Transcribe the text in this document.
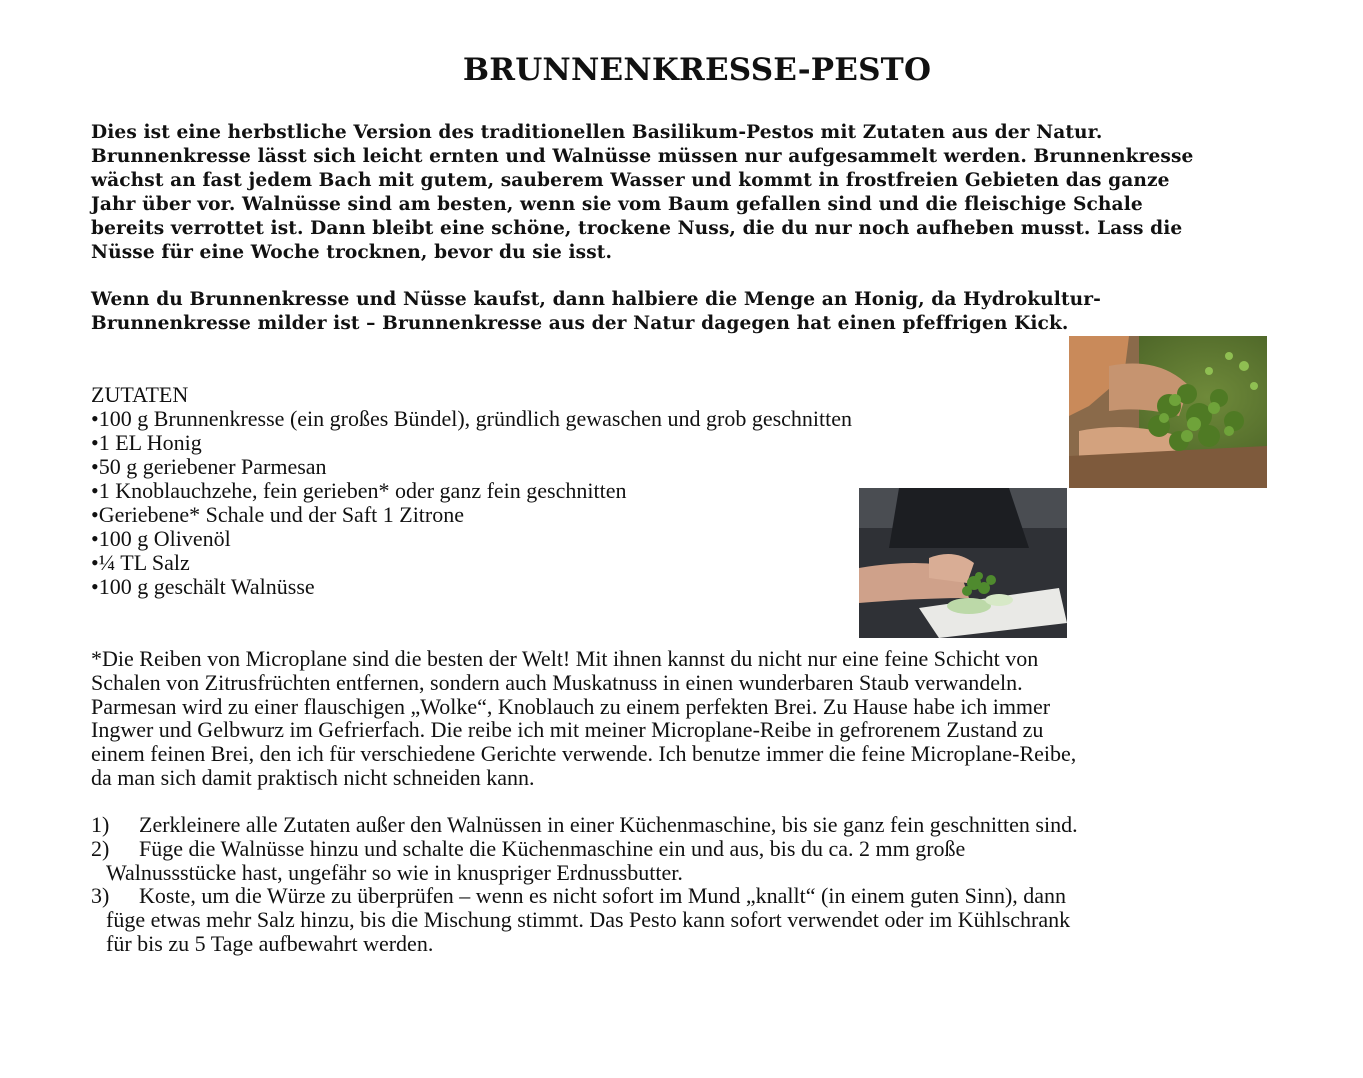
BRUNNENKRESSE-PESTO
Dies ist eine herbstliche Version des traditionellen Basilikum-Pestos mit Zutaten aus der Natur.
Brunnenkresse lässt sich leicht ernten und Walnüsse müssen nur aufgesammelt werden. Brunnenkresse
wächst an fast jedem Bach mit gutem, sauberem Wasser und kommt in frostfreien Gebieten das ganze
Jahr über vor. Walnüsse sind am besten, wenn sie vom Baum gefallen sind und die fleischige Schale
bereits verrottet ist. Dann bleibt eine schöne, trockene Nuss, die du nur noch aufheben musst. Lass die
Nüsse für eine Woche trocknen, bevor du sie isst.
Wenn du Brunnenkresse und Nüsse kaufst, dann halbiere die Menge an Honig, da Hydrokultur-
Brunnenkresse milder ist – Brunnenkresse aus der Natur dagegen hat einen pfeffrigen Kick.
ZUTATEN
•100 g Brunnenkresse (ein großes Bündel), gründlich gewaschen und grob geschnitten
•1 EL Honig
•50 g geriebener Parmesan
•1 Knoblauchzehe, fein gerieben* oder ganz fein geschnitten
•Geriebene* Schale und der Saft 1 Zitrone
•100 g Olivenöl
•¼ TL Salz
•100 g geschält Walnüsse
*Die Reiben von Microplane sind die besten der Welt! Mit ihnen kannst du nicht nur eine feine Schicht von
Schalen von Zitrusfrüchten entfernen, sondern auch Muskatnuss in einen wunderbaren Staub verwandeln.
Parmesan wird zu einer flauschigen „Wolke“, Knoblauch zu einem perfekten Brei. Zu Hause habe ich immer
Ingwer und Gelbwurz im Gefrierfach. Die reibe ich mit meiner Microplane-Reibe in gefrorenem Zustand zu
einem feinen Brei, den ich für verschiedene Gerichte verwende. Ich benutze immer die feine Microplane-Reibe,
da man sich damit praktisch nicht schneiden kann.
1) Zerkleinere alle Zutaten außer den Walnüssen in einer Küchenmaschine, bis sie ganz fein geschnitten sind.
2) Füge die Walnüsse hinzu und schalte die Küchenmaschine ein und aus, bis du ca. 2 mm große
Walnussstücke hast, ungefähr so wie in knuspriger Erdnussbutter.
3) Koste, um die Würze zu überprüfen – wenn es nicht sofort im Mund „knallt“ (in einem guten Sinn), dann
füge etwas mehr Salz hinzu, bis die Mischung stimmt. Das Pesto kann sofort verwendet oder im Kühlschrank
für bis zu 5 Tage aufbewahrt werden.
